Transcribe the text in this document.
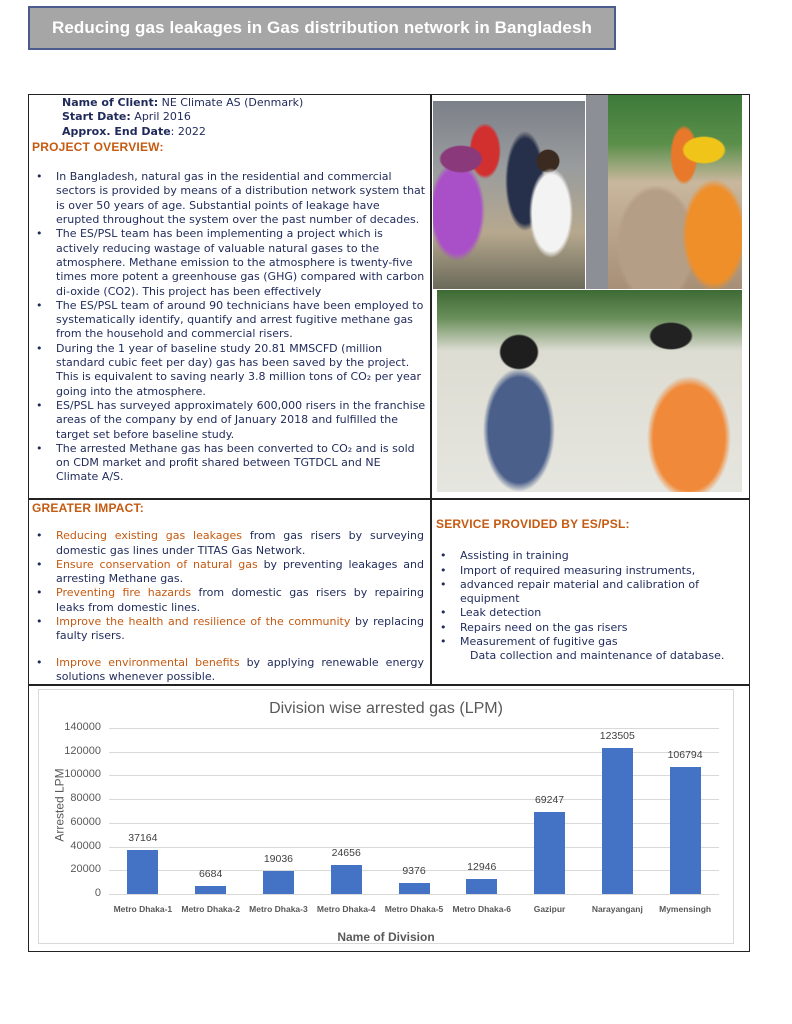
Reducing gas leakages in Gas distribution network in Bangladesh
Name of Client: NE Climate AS (Denmark)
Start Date: April 2016
Approx. End Date: 2022
PROJECT OVERVIEW:
• In Bangladesh, natural gas in the residential and commercial sectors is provided by means of a distribution network system that is over 50 years of age. Substantial points of leakage have erupted throughout the system over the past number of decades.
• The ES/PSL team has been implementing a project which is actively reducing wastage of valuable natural gases to the atmosphere. Methane emission to the atmosphere is twenty-five times more potent a greenhouse gas (GHG) compared with carbon di-oxide (CO2). This project has been effectively
• The ES/PSL team of around 90 technicians have been employed to systematically identify, quantify and arrest fugitive methane gas from the household and commercial risers.
• During the 1 year of baseline study 20.81 MMSCFD (million standard cubic feet per day) gas has been saved by the project. This is equivalent to saving nearly 3.8 million tons of CO₂ per year going into the atmosphere.
• ES/PSL has surveyed approximately 600,000 risers in the franchise areas of the company by end of January 2018 and fulfilled the target set before baseline study.
• The arrested Methane gas has been converted to CO₂ and is sold on CDM market and profit shared between TGTDCL and NE Climate A/S.
GREATER IMPACT:
• Reducing existing gas leakages from gas risers by surveying domestic gas lines under TITAS Gas Network.
• Ensure conservation of natural gas by preventing leakages and arresting Methane gas.
• Preventing fire hazards from domestic gas risers by repairing leaks from domestic lines.
• Improve the health and resilience of the community by replacing faulty risers.
• Improve environmental benefits by applying renewable energy solutions whenever possible.
SERVICE PROVIDED BY ES/PSL:
• Assisting in training
• Import of required measuring instruments,
• advanced repair material and calibration of equipment
• Leak detection
• Repairs need on the gas risers
• Measurement of fugitive gas
Data collection and maintenance of database.
Division wise arrested gas (LPM)
Arrested LPM
0
20000
40000
60000
80000
100000
120000
140000
37164
Metro Dhaka-1
6684
Metro Dhaka-2
19036
Metro Dhaka-3
24656
Metro Dhaka-4
9376
Metro Dhaka-5
12946
Metro Dhaka-6
69247
Gazipur
123505
Narayanganj
106794
Mymensingh
Name of Division
